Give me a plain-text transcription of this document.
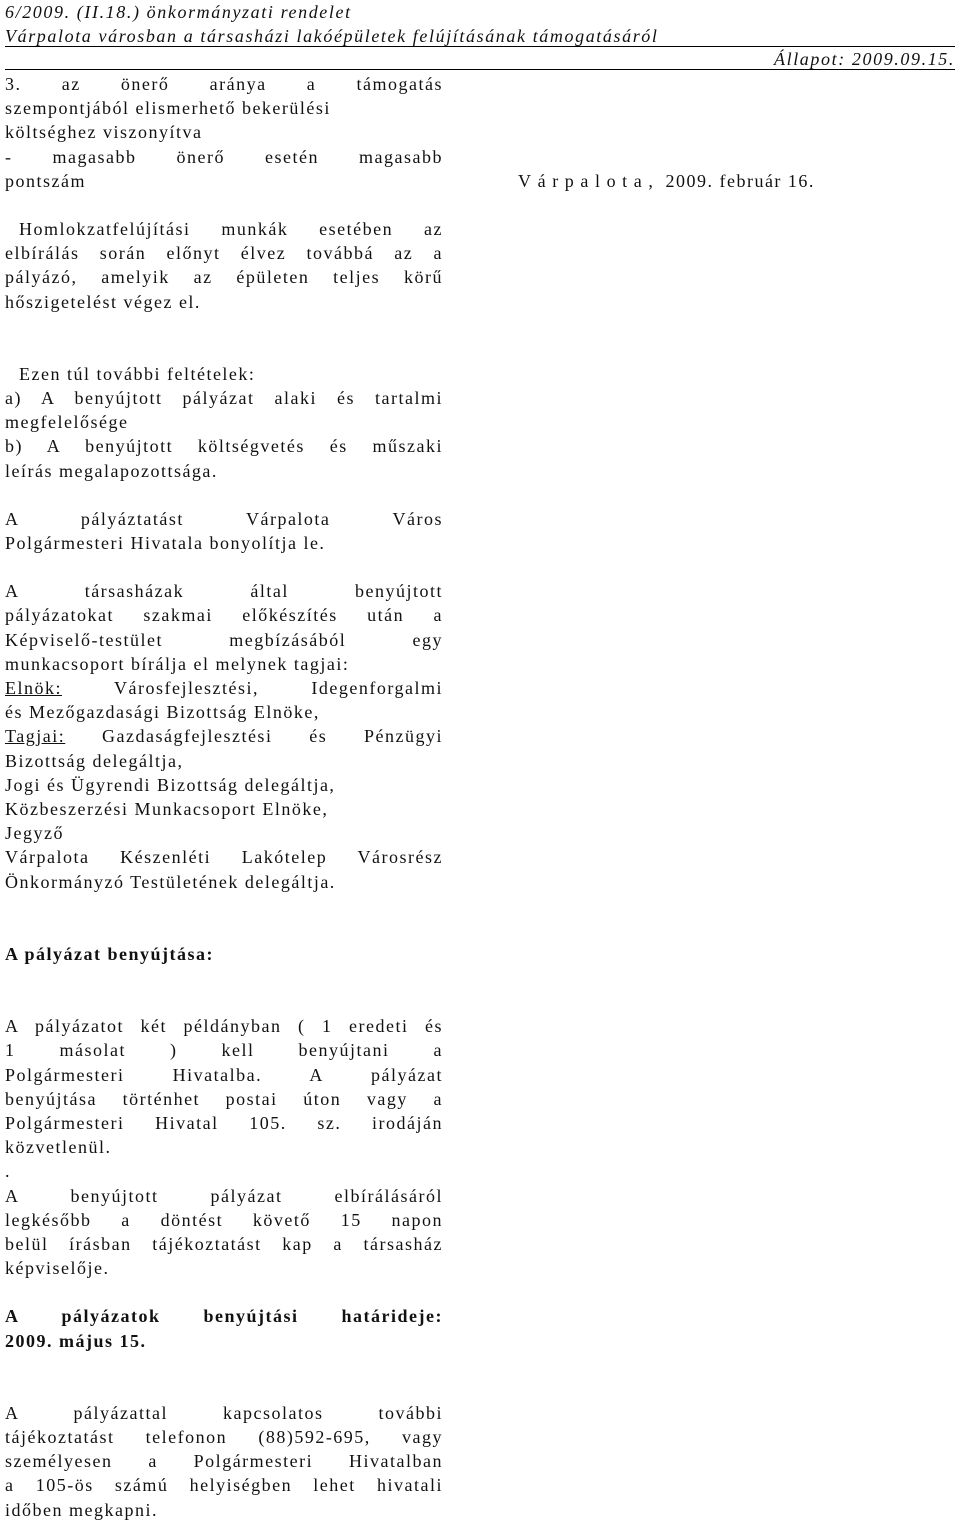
6/2009. (II.18.) önkormányzati rendelet
Várpalota városban a társasházi lakóépületek felújításának támogatásáról
Állapot: 2009.09.15.
Várpalota, 2009. február 16.
3. az önerő aránya a támogatás
szempontjából elismerhető bekerülési
költséghez viszonyítva
- magasabb önerő esetén magasabb
pontszám
Homlokzatfelújítási munkák esetében az
elbírálás során előnyt élvez továbbá az a
pályázó, amelyik az épületen teljes körű
hőszigetelést végez el.
Ezen túl további feltételek:
a) A benyújtott pályázat alaki és tartalmi
megfelelősége
b) A benyújtott költségvetés és műszaki
leírás megalapozottsága.
A pályáztatást Várpalota Város
Polgármesteri Hivatala bonyolítja le.
A társasházak által benyújtott
pályázatokat szakmai előkészítés után a
Képviselő-testület megbízásából egy
munkacsoport bírálja el melynek tagjai:
Elnök: Városfejlesztési, Idegenforgalmi
és Mezőgazdasági Bizottság Elnöke,
Tagjai: Gazdaságfejlesztési és Pénzügyi
Bizottság delegáltja,
Jogi és Ügyrendi Bizottság delegáltja,
Közbeszerzési Munkacsoport Elnöke,
Jegyző
Várpalota Készenléti Lakótelep Városrész
Önkormányzó Testületének delegáltja.
A pályázat benyújtása:
A pályázatot két példányban ( 1 eredeti és
1 másolat ) kell benyújtani a
Polgármesteri Hivatalba. A pályázat
benyújtása történhet postai úton vagy a
Polgármesteri Hivatal 105. sz. irodáján
közvetlenül.
.
A benyújtott pályázat elbírálásáról
legkésőbb a döntést követő 15 napon
belül írásban tájékoztatást kap a társasház
képviselője.
A pályázatok benyújtási határideje:
2009. május 15.
A pályázattal kapcsolatos további
tájékoztatást telefonon (88)592-695, vagy
személyesen a Polgármesteri Hivatalban
a 105-ös számú helyiségben lehet hivatali
időben megkapni.
